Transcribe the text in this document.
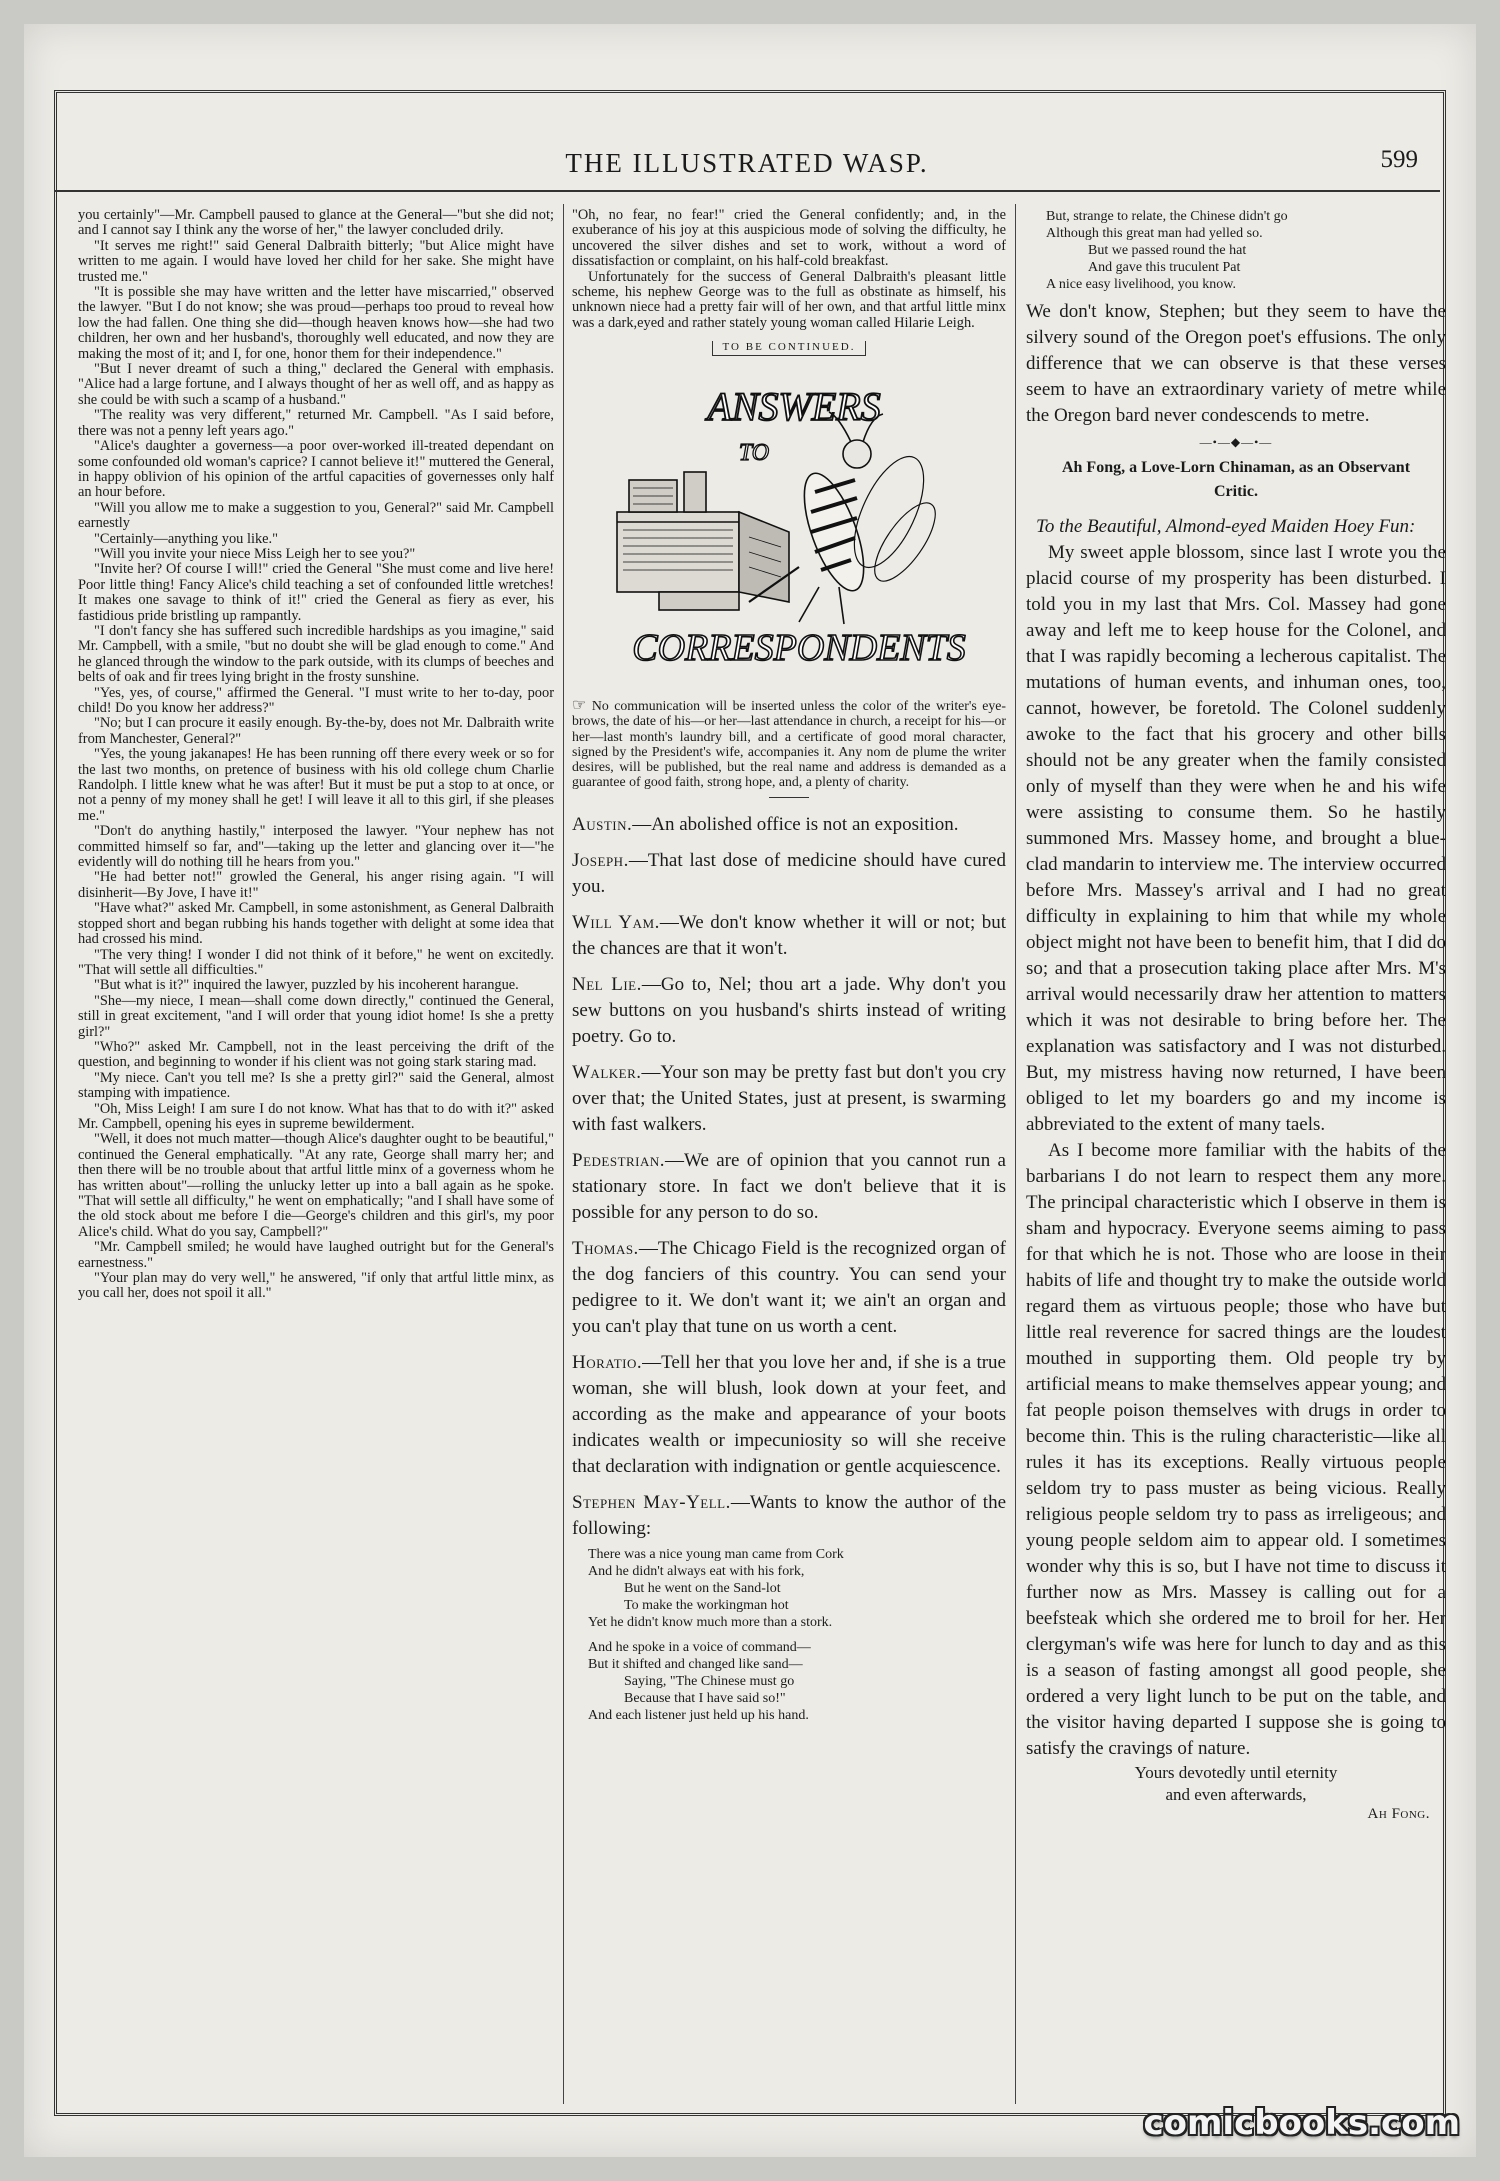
THE ILLUSTRATED WASP.	599

you certainly"—Mr. Campbell paused to glance at the General—"but she did not; and I cannot say I think any the worse of her," the lawyer concluded drily.

"It serves me right!" said General Dalbraith bitterly; "but Alice might have written to me again. I would have loved her child for her sake. She might have trusted me."

"It is possible she may have written and the letter have miscarried," observed the lawyer. "But I do not know; she was proud—perhaps too proud to reveal how low the had fallen. One thing she did—though heaven knows how—she had two children, her own and her husband's, thoroughly well educated, and now they are making the most of it; and I, for one, honor them for their independence."

"But I never dreamt of such a thing," declared the General with emphasis. "Alice had a large fortune, and I always thought of her as well off, and as happy as she could be with such a scamp of a husband."

"The reality was very different," returned Mr. Campbell. "As I said before, there was not a penny left years ago."

"Alice's daughter a governess—a poor over-worked ill-treated dependant on some confounded old woman's caprice? I cannot believe it!" muttered the General, in happy oblivion of his opinion of the artful capacities of governesses only half an hour before.

"Will you allow me to make a suggestion to you, General?" said Mr. Campbell earnestly

"Certainly—anything you like."

"Will you invite your niece Miss Leigh her to see you?"

"Invite her? Of course I will!" cried the General "She must come and live here! Poor little thing! Fancy Alice's child teaching a set of confounded little wretches! It makes one savage to think of it!" cried the General as fiery as ever, his fastidious pride bristling up rampantly.

"I don't fancy she has suffered such incredible hardships as you imagine," said Mr. Campbell, with a smile, "but no doubt she will be glad enough to come." And he glanced through the window to the park outside, with its clumps of beeches and belts of oak and fir trees lying bright in the frosty sunshine.

"Yes, yes, of course," affirmed the General. "I must write to her to-day, poor child! Do you know her address?"

"No; but I can procure it easily enough. By-the-by, does not Mr. Dalbraith write from Manchester, General?"

"Yes, the young jakanapes! He has been running off there every week or so for the last two months, on pretence of business with his old college chum Charlie Randolph. I little knew what he was after! But it must be put a stop to at once, or not a penny of my money shall he get! I will leave it all to this girl, if she pleases me."

"Don't do anything hastily," interposed the lawyer. "Your nephew has not committed himself so far, and"—taking up the letter and glancing over it—"he evidently will do nothing till he hears from you."

"He had better not!" growled the General, his anger rising again. "I will disinherit—By Jove, I have it!"

"Have what?" asked Mr. Campbell, in some astonishment, as General Dalbraith stopped short and began rubbing his hands together with delight at some idea that had crossed his mind.

"The very thing! I wonder I did not think of it before," he went on excitedly. "That will settle all difficulties."

"But what is it?" inquired the lawyer, puzzled by his incoherent harangue.

"She—my niece, I mean—shall come down directly," continued the General, still in great excitement, "and I will order that young idiot home! Is she a pretty girl?"

"Who?" asked Mr. Campbell, not in the least perceiving the drift of the question, and beginning to wonder if his client was not going stark staring mad.

"My niece. Can't you tell me? Is she a pretty girl?" said the General, almost stamping with impatience.

"Oh, Miss Leigh! I am sure I do not know. What has that to do with it?" asked Mr. Campbell, opening his eyes in supreme bewilderment.

"Well, it does not much matter—though Alice's daughter ought to be beautiful," continued the General emphatically. "At any rate, George shall marry her; and then there will be no trouble about that artful little minx of a governess whom he has written about"—rolling the unlucky letter up into a ball again as he spoke. "That will settle all difficulty," he went on emphatically; "and I shall have some of the old stock about me before I die—George's children and this girl's, my poor Alice's child. What do you say, Campbell?"

"Mr. Campbell smiled; he would have laughed outright but for the General's earnestness."

"Your plan may do very well," he answered, "if only that artful little minx, as you call her, does not spoil it all."

"Oh, no fear, no fear!" cried the General confidently; and, in the exuberance of his joy at this auspicious mode of solving the difficulty, he uncovered the silver dishes and set to work, without a word of dissatisfaction or complaint, on his half-cold breakfast.

Unfortunately for the success of General Dalbraith's pleasant little scheme, his nephew George was to the full as obstinate as himself, his unknown niece had a pretty fair will of her own, and that artful little minx was a dark,eyed and rather stately young woman called Hilarie Leigh.

TO BE CONTINUED.
ANSWERS
TO
CORRESPONDENTS
☞ No communication will be inserted unless the color of the writer's eye-brows, the date of his—or her—last attendance in church, a receipt for his—or her—last month's laundry bill, and a certificate of good moral character, signed by the President's wife, accompanies it. Any nom de plume the writer desires, will be published, but the real name and address is demanded as a guarantee of good faith, strong hope, and, a plenty of charity.

Austin.—An abolished office is not an exposition.

Joseph.—That last dose of medicine should have cured you.

Will Yam.—We don't know whether it will or not; but the chances are that it won't.

Nel Lie.—Go to, Nel; thou art a jade. Why don't you sew buttons on you husband's shirts instead of writing poetry. Go to.

Walker.—Your son may be pretty fast but don't you cry over that; the United States, just at present, is swarming with fast walkers.

Pedestrian.—We are of opinion that you cannot run a stationary store. In fact we don't believe that it is possible for any person to do so.

Thomas.—The Chicago Field is the recognized organ of the dog fanciers of this country. You can send your pedigree to it. We don't want it; we ain't an organ and you can't play that tune on us worth a cent.

Horatio.—Tell her that you love her and, if she is a true woman, she will blush, look down at your feet, and according as the make and appearance of your boots indicates wealth or impecuniosity so will she receive that declaration with indignation or gentle acquiescence.

Stephen May-Yell.—Wants to know the author of the following:

There was a nice young man came from Cork
And he didn't always eat with his fork,
But he went on the Sand-lot
To make the workingman hot
Yet he didn't know much more than a stork.
And he spoke in a voice of command—
But it shifted and changed like sand—
Saying, "The Chinese must go
Because that I have said so!"
And each listener just held up his hand.
But, strange to relate, the Chinese didn't go
Although this great man had yelled so.
But we passed round the hat
And gave this truculent Pat
A nice easy livelihood, you know.

We don't know, Stephen; but they seem to have the silvery sound of the Oregon poet's effusions. The only difference that we can observe is that these verses seem to have an extraordinary variety of metre while the Oregon bard never condescends to metre.

—•—◆—•—
Ah Fong, a Love-Lorn Chinaman, as an Observant Critic.

To the Beautiful, Almond-eyed Maiden Hoey Fun:

My sweet apple blossom, since last I wrote you the placid course of my prosperity has been disturbed. I told you in my last that Mrs. Col. Massey had gone away and left me to keep house for the Colonel, and that I was rapidly becoming a lecherous capitalist. The mutations of human events, and inhuman ones, too, cannot, however, be foretold. The Colonel suddenly awoke to the fact that his grocery and other bills should not be any greater when the family consisted only of myself than they were when he and his wife were assisting to consume them. So he hastily summoned Mrs. Massey home, and brought a blue-clad mandarin to interview me. The interview occurred before Mrs. Massey's arrival and I had no great difficulty in explaining to him that while my whole object might not have been to benefit him, that I did do so; and that a prosecution taking place after Mrs. M's arrival would necessarily draw her attention to matters which it was not desirable to bring before her. The explanation was satisfactory and I was not disturbed. But, my mistress having now returned, I have been obliged to let my boarders go and my income is abbreviated to the extent of many taels.

As I become more familiar with the habits of the barbarians I do not learn to respect them any more. The principal characteristic which I observe in them is sham and hypocracy. Everyone seems aiming to pass for that which he is not. Those who are loose in their habits of life and thought try to make the outside world regard them as virtuous people; those who have but little real reverence for sacred things are the loudest mouthed in supporting them. Old people try by artificial means to make themselves appear young; and fat people poison themselves with drugs in order to become thin. This is the ruling characteristic—like all rules it has its exceptions. Really virtuous people seldom try to pass muster as being vicious. Really religious people seldom try to pass as irreligeous; and young people seldom aim to appear old. I sometimes wonder why this is so, but I have not time to discuss it further now as Mrs. Massey is calling out for a beefsteak which she ordered me to broil for her. Her clergyman's wife was here for lunch to day and as this is a season of fasting amongst all good people, she ordered a very light lunch to be put on the table, and the visitor having departed I suppose she is going to satisfy the cravings of nature.

Yours devotedly until eternity
and even afterwards,
Ah Fong.
comicbooks.com
